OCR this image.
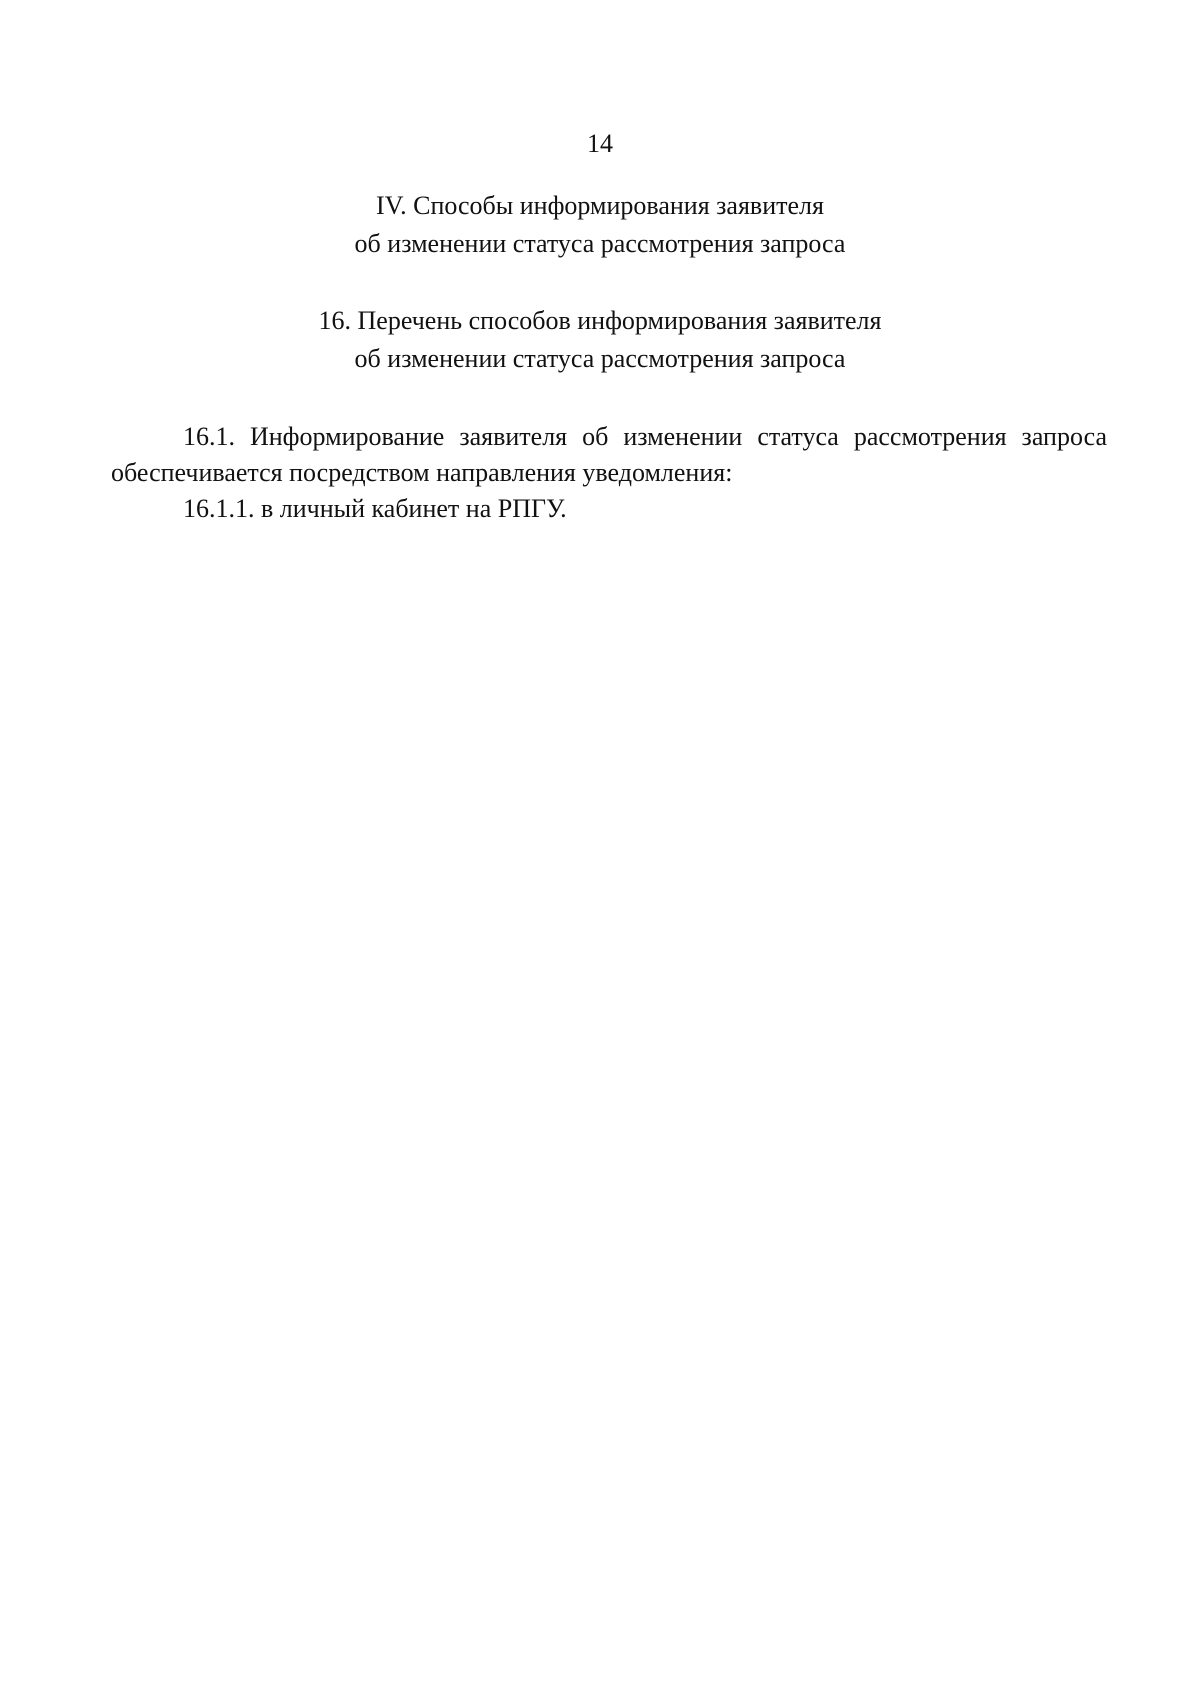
14
IV. Способы информирования заявителя
об изменении статуса рассмотрения запроса
16. Перечень способов информирования заявителя
об изменении статуса рассмотрения запроса

16.1. Информирование заявителя об изменении статуса рассмотрения запроса обеспечивается посредством направления уведомления:

16.1.1. в личный кабинет на РПГУ.
